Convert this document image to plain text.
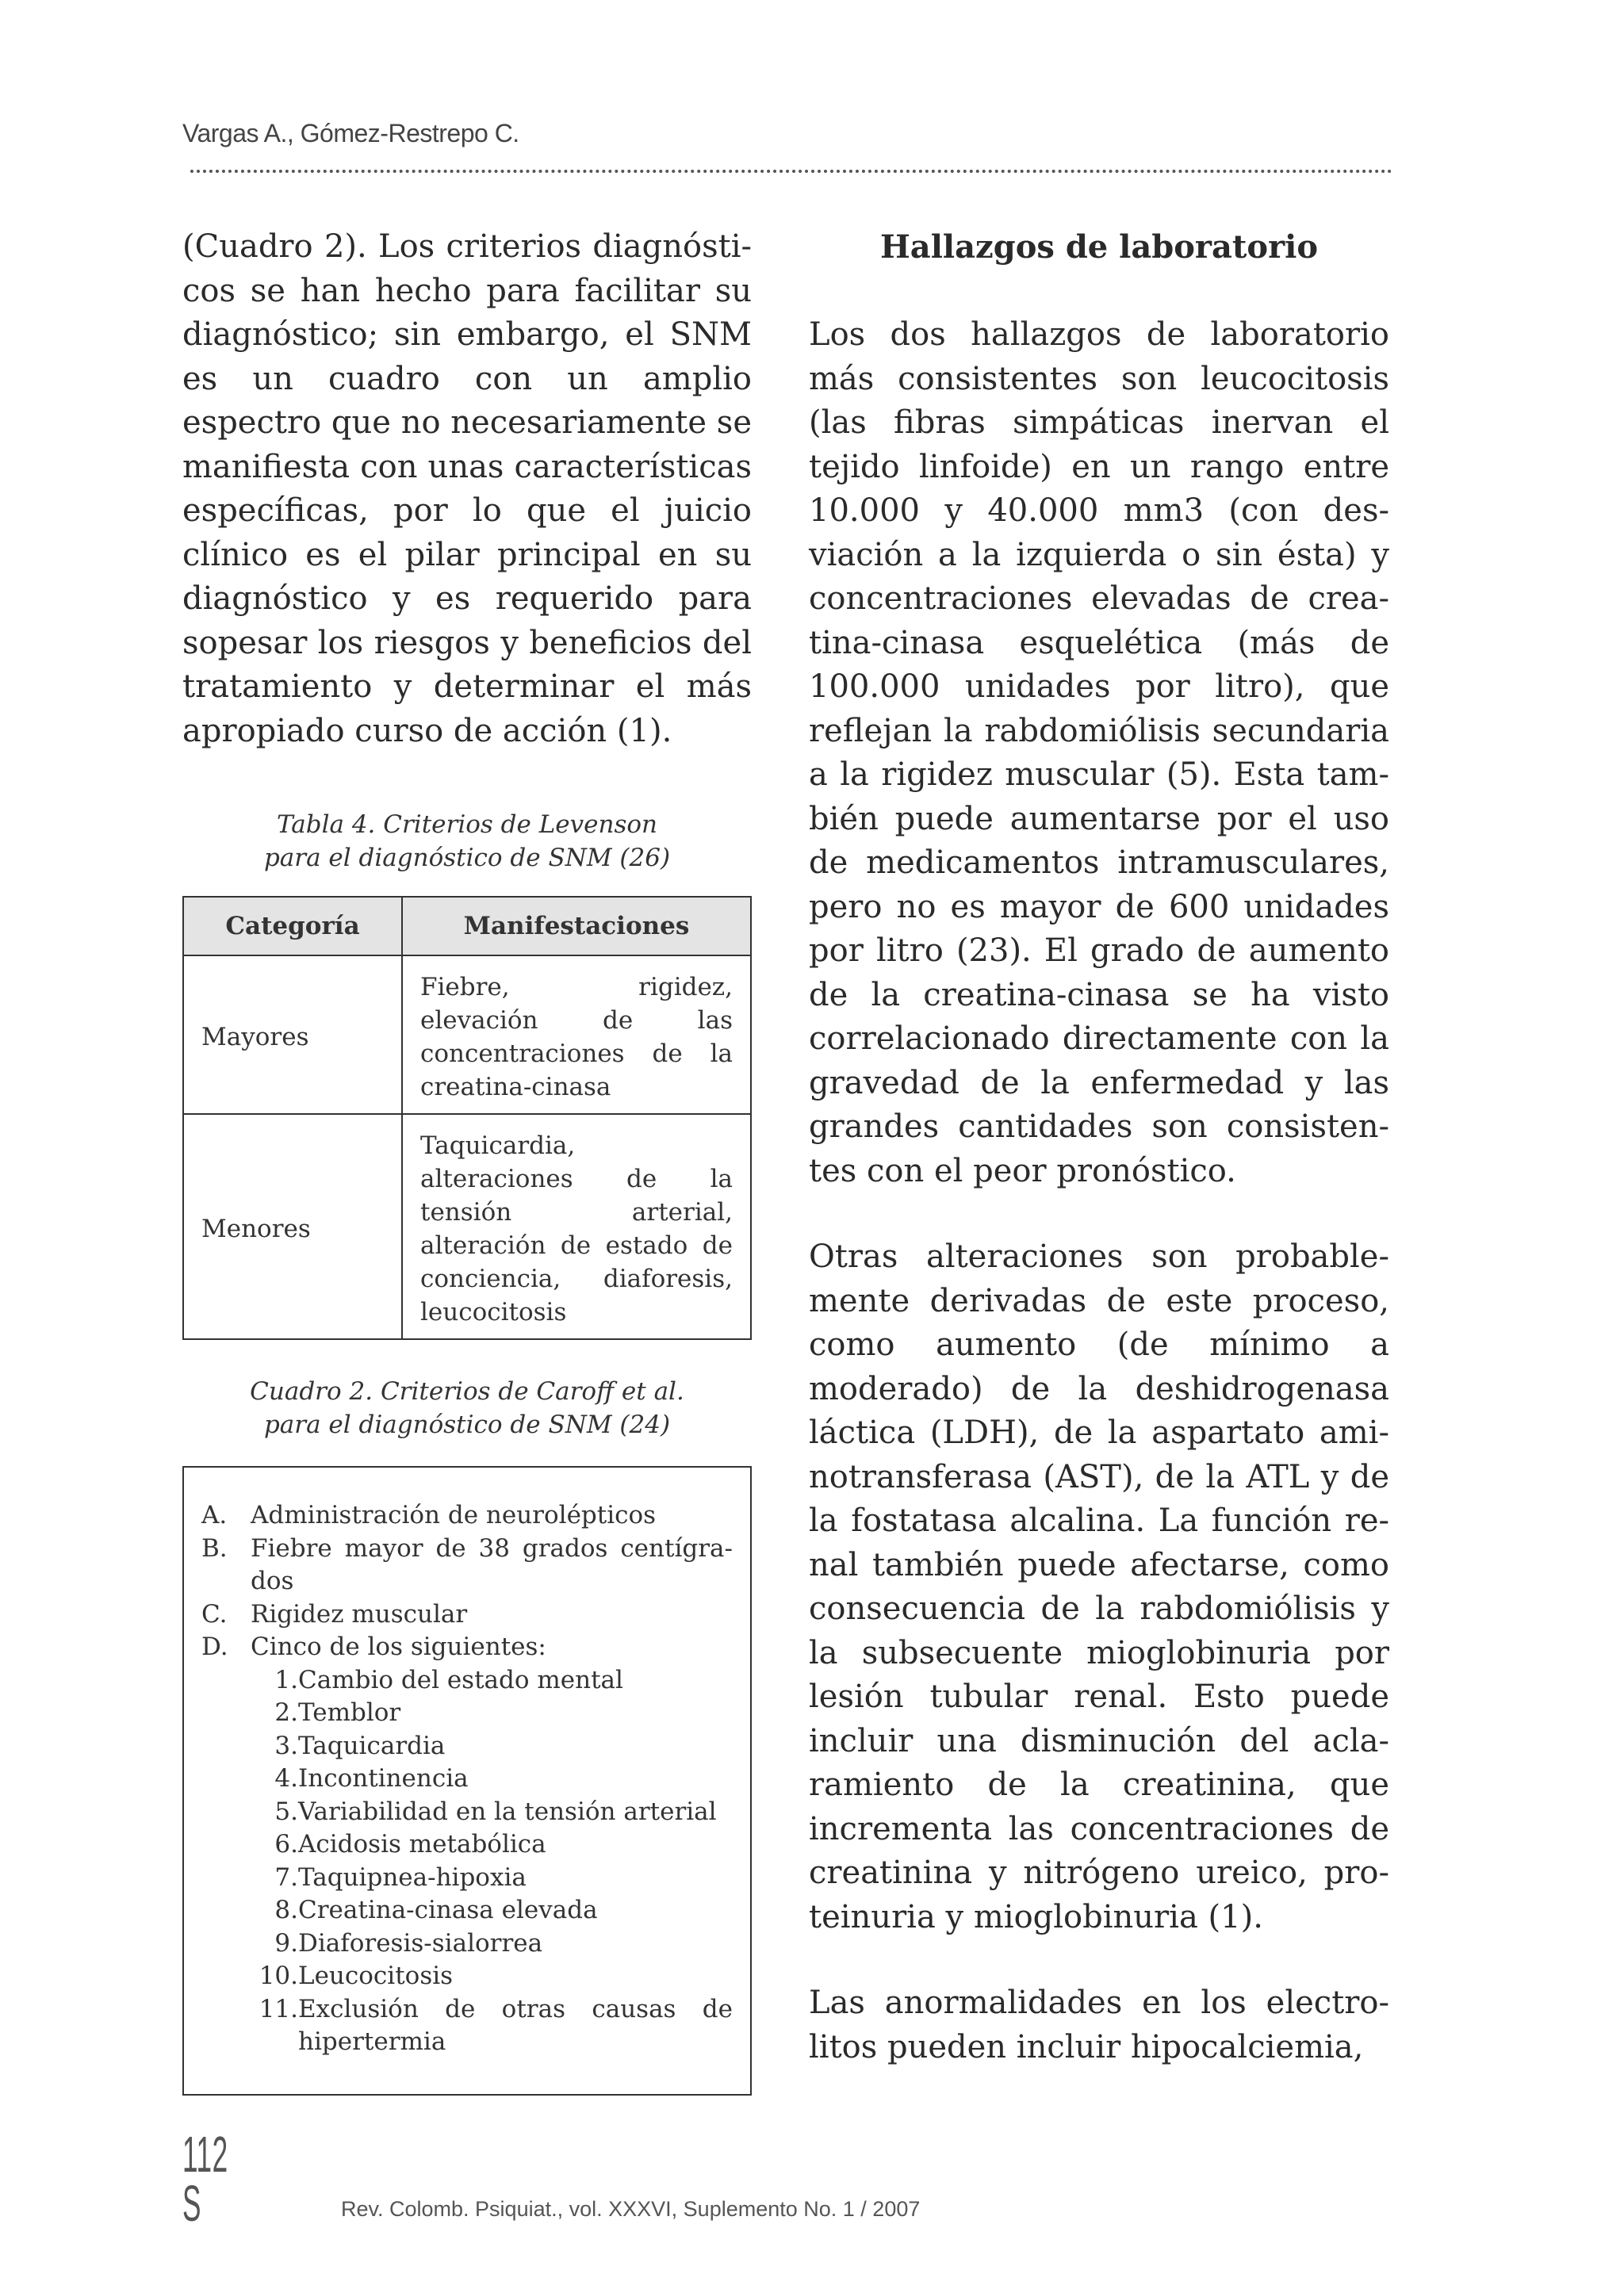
Vargas A., Gómez-Restrepo C.

(Cuadro 2). Los criterios diagnósticos se han hecho para facilitar su diagnóstico; sin embargo, el SNM es un cuadro con un amplio espectro que no necesariamente se manifiesta con unas características específicas, por lo que el juicio clínico es el pilar principal en su diagnóstico y es requerido para sopesar los riesgos y beneficios del tratamiento y determinar el más apropiado curso de acción (1).

Tabla 4. Criterios de Levenson
para el diagnóstico de SNM (26)

Categoría	Manifestaciones
Mayores	Fiebre, rigidez, elevación de las concentraciones de la creatina-cinasa
Menores	Taquicardia, alteraciones de la tensión arterial, alteración de estado de conciencia, diaforesis, leucocitosis

Cuadro 2. Criterios de Caroff et al.
para el diagnóstico de SNM (24)

A. Administración de neurolépticos
B. Fiebre mayor de 38 grados centígrados
C. Rigidez muscular
D. Cinco de los siguientes:
1. Cambio del estado mental
2. Temblor
3. Taquicardia
4. Incontinencia
5. Variabilidad en la tensión arterial
6. Acidosis metabólica
7. Taquipnea-hipoxia
8. Creatina-cinasa elevada
9. Diaforesis-sialorrea
10. Leucocitosis
11. Exclusión de otras causas de hipertermia
Hallazgos de laboratorio

Los dos hallazgos de laboratorio más consistentes son leucocitosis (las fibras simpáticas inervan el tejido linfoide) en un rango entre 10.000 y 40.000 mm3 (con desviación a la izquierda o sin ésta) y concentraciones elevadas de creatina-cinasa esquelética (más de 100.000 unidades por litro), que reflejan la rabdomiólisis secundaria a la rigidez muscular (5). Esta también puede aumentarse por el uso de medicamentos intramusculares, pero no es mayor de 600 unidades por litro (23). El grado de aumento de la creatina-cinasa se ha visto correlacionado directamente con la gravedad de la enfermedad y las grandes cantidades son consistentes con el peor pronóstico.

Otras alteraciones son probablemente derivadas de este proceso, como aumento (de mínimo a moderado) de la deshidrogenasa láctica (LDH), de la aspartato aminotransferasa (AST), de la ATL y de la fostatasa alcalina. La función renal también puede afectarse, como consecuencia de la rabdomiólisis y la subsecuente mioglobinuria por lesión tubular renal. Esto puede incluir una disminución del aclaramiento de la creatinina, que incrementa las concentraciones de creatinina y nitrógeno ureico, proteinuria y mioglobinuria (1).

Las anormalidades en los electrolitos pueden incluir hipocalciemia,

112 S	Rev. Colomb. Psiquiat., vol. XXXVI, Suplemento No. 1 / 2007
